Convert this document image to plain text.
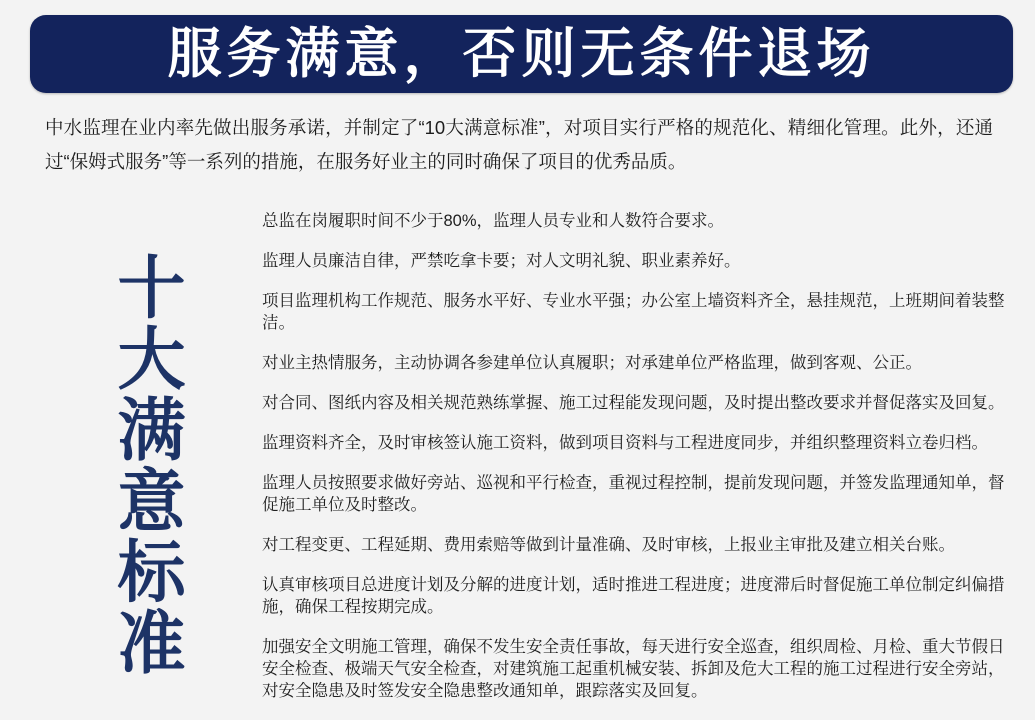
服务满意，否则无条件退场

中水监理在业内率先做出服务承诺，并制定了“10大满意标准”，对项目实行严格的规范化、精细化管理。此外，还通过“保姆式服务”等一系列的措施，在服务好业主的同时确保了项目的优秀品质。

十大满意标准

总监在岗履职时间不少于80%，监理人员专业和人数符合要求。

监理人员廉洁自律，严禁吃拿卡要；对人文明礼貌、职业素养好。

项目监理机构工作规范、服务水平好、专业水平强；办公室上墙资料齐全，悬挂规范，上班期间着装整洁。

对业主热情服务，主动协调各参建单位认真履职；对承建单位严格监理，做到客观、公正。

对合同、图纸内容及相关规范熟练掌握、施工过程能发现问题，及时提出整改要求并督促落实及回复。

监理资料齐全，及时审核签认施工资料，做到项目资料与工程进度同步，并组织整理资料立卷归档。

监理人员按照要求做好旁站、巡视和平行检查，重视过程控制，提前发现问题，并签发监理通知单，督促施工单位及时整改。

对工程变更、工程延期、费用索赔等做到计量准确、及时审核，上报业主审批及建立相关台账。

认真审核项目总进度计划及分解的进度计划，适时推进工程进度；进度滞后时督促施工单位制定纠偏措施，确保工程按期完成。

加强安全文明施工管理，确保不发生安全责任事故，每天进行安全巡查，组织周检、月检、重大节假日安全检查、极端天气安全检查，对建筑施工起重机械安装、拆卸及危大工程的施工过程进行安全旁站，对安全隐患及时签发安全隐患整改通知单，跟踪落实及回复。
